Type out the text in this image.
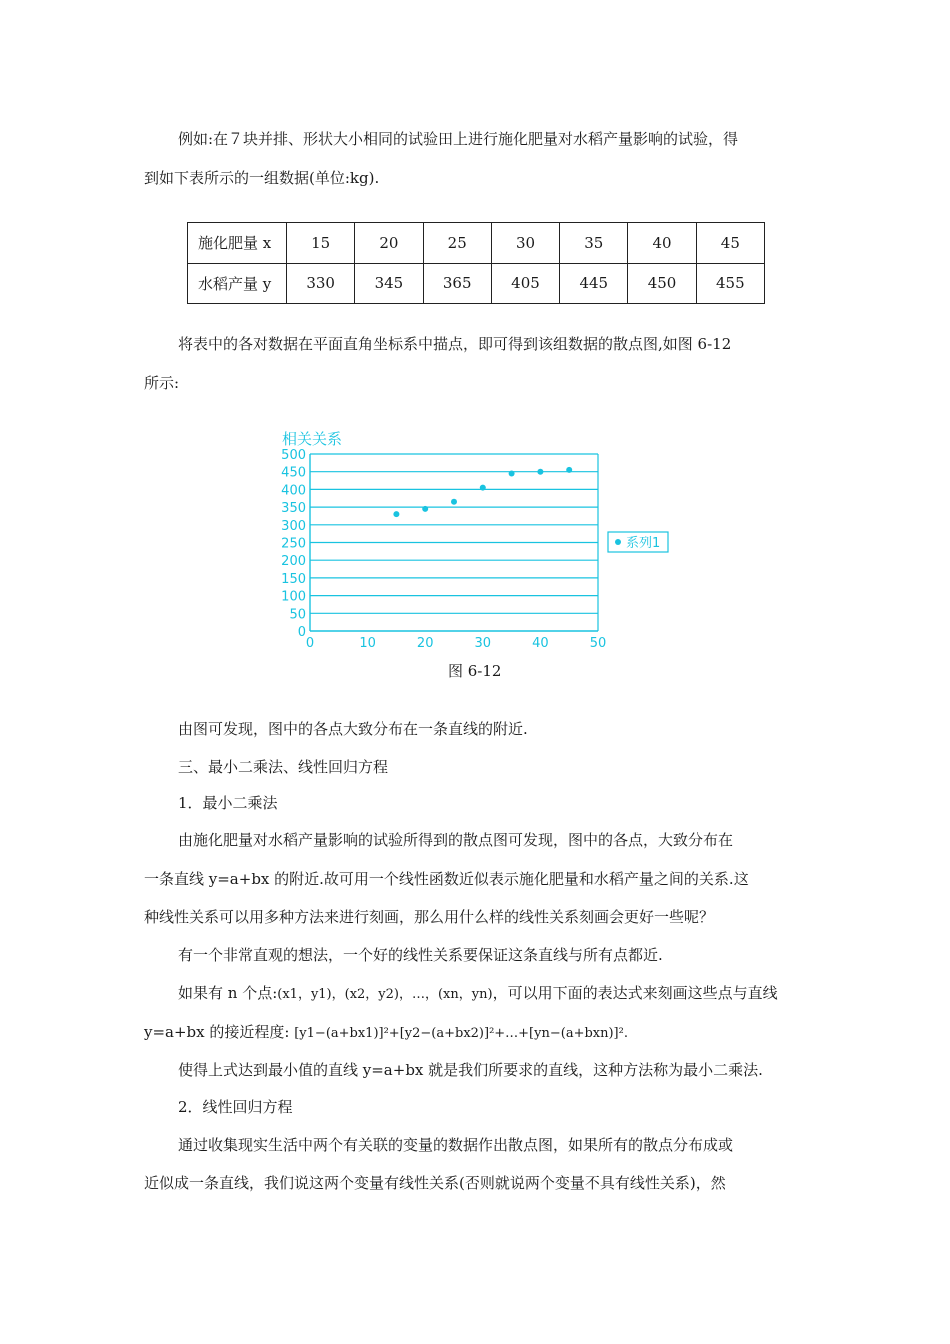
例如:在７块并排、形状大小相同的试验田上进行施化肥量对水稻产量影响的试验，得
到如下表所示的一组数据(单位:kg).
施化肥量 x	15	20	25	30	35	40	45
水稻产量 y	330	345	365	405	445	450	455
将表中的各对数据在平面直角坐标系中描点，即可得到该组数据的散点图,如图 6-12
所示:
相关关系
0
50
100
150
200
250
300
350
400
450
500
0	10	20	30	40	50
系列1
图 6-12
由图可发现，图中的各点大致分布在一条直线的附近.
三、最小二乘法、线性回归方程
1．最小二乘法
由施化肥量对水稻产量影响的试验所得到的散点图可发现，图中的各点，大致分布在
一条直线 y=a+bx 的附近.故可用一个线性函数近似表示施化肥量和水稻产量之间的关系.这
种线性关系可以用多种方法来进行刻画，那么用什么样的线性关系刻画会更好一些呢？
有一个非常直观的想法，一个好的线性关系要保证这条直线与所有点都近.
如果有 n 个点:(x1，y1)，(x2，y2)，…，(xn，yn)，可以用下面的表达式来刻画这些点与直线
y=a+bx 的接近程度: [y1−(a+bx1)]²+[y2−(a+bx2)]²+…+[yn−(a+bxn)]².
使得上式达到最小值的直线 y=a+bx 就是我们所要求的直线，这种方法称为最小二乘法.
2．线性回归方程
通过收集现实生活中两个有关联的变量的数据作出散点图，如果所有的散点分布成或
近似成一条直线，我们说这两个变量有线性关系(否则就说两个变量不具有线性关系)，然
